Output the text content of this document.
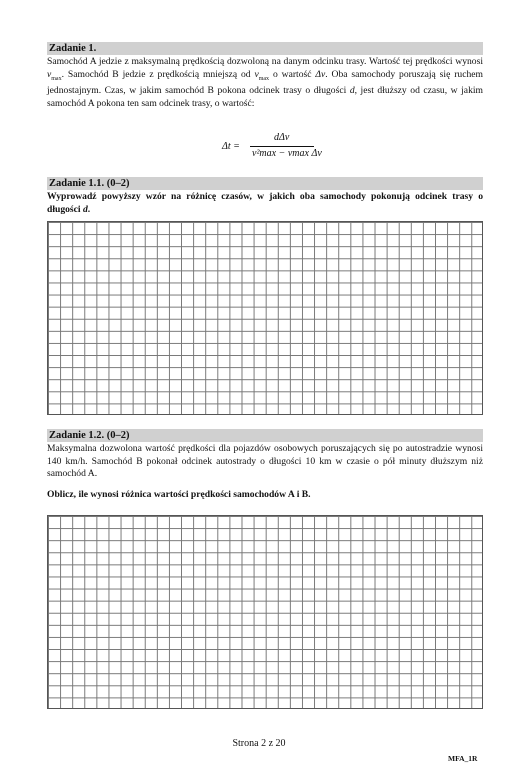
Zadanie 1.
Samochód A jedzie z maksymalną prędkością dozwoloną na danym odcinku trasy. Wartość tej prędkości wynosi $v_{max}$. Samochód B jedzie z prędkością mniejszą od $v_{max}$ o wartość Δv. Oba samochody poruszają się ruchem jednostajnym. Czas, w jakim samochód B pokona odcinek trasy o długości d, jest dłuższy od czasu, w jakim samochód A pokona ten sam odcinek trasy, o wartość:
Δt =
dΔv
v²max − vmax Δv
Zadanie 1.1. (0–2)
Wyprowadź powyższy wzór na różnicę czasów, w jakich oba samochody pokonują odcinek trasy o długości d.
Zadanie 1.2. (0–2)
Maksymalna dozwolona wartość prędkości dla pojazdów osobowych poruszających się po autostradzie wynosi 140 km/h. Samochód B pokonał odcinek autostrady o długości 10 km w czasie o pół minuty dłuższym niż samochód A.
Oblicz, ile wynosi różnica wartości prędkości samochodów A i B.
Strona 2 z 20
MFA_1R
